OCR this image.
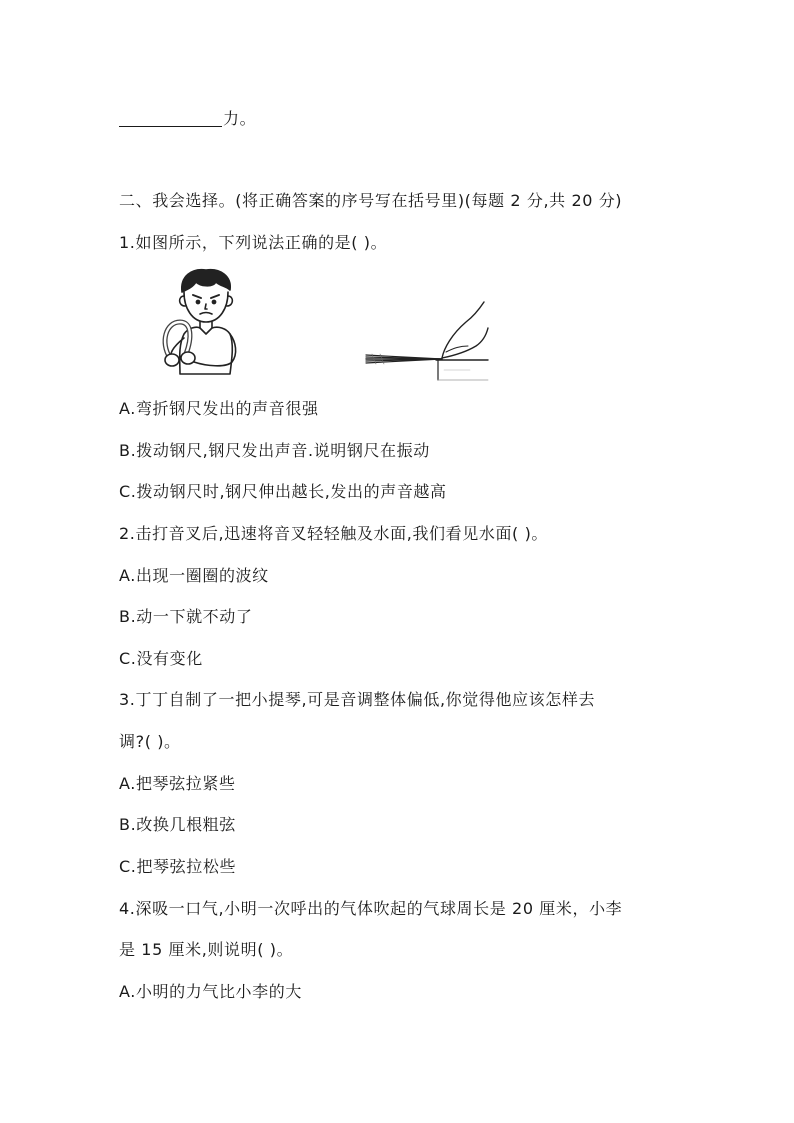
力。
二、我会选择。(将正确答案的序号写在括号里)(每题 2 分,共 20 分)
1.如图所示，下列说法正确的是( )。
A.弯折钢尺发出的声音很强
B.拨动钢尺,钢尺发出声音.说明钢尺在振动
C.拨动钢尺时,钢尺伸出越长,发出的声音越高
2.击打音叉后,迅速将音叉轻轻触及水面,我们看见水面( )。
A.出现一圈圈的波纹
B.动一下就不动了
C.没有变化
3.丁丁自制了一把小提琴,可是音调整体偏低,你觉得他应该怎样去
调?( )。
A.把琴弦拉紧些
B.改换几根粗弦
C.把琴弦拉松些
4.深吸一口气,小明一次呼出的气体吹起的气球周长是 20 厘米，小李
是 15 厘米,则说明( )。
A.小明的力气比小李的大
